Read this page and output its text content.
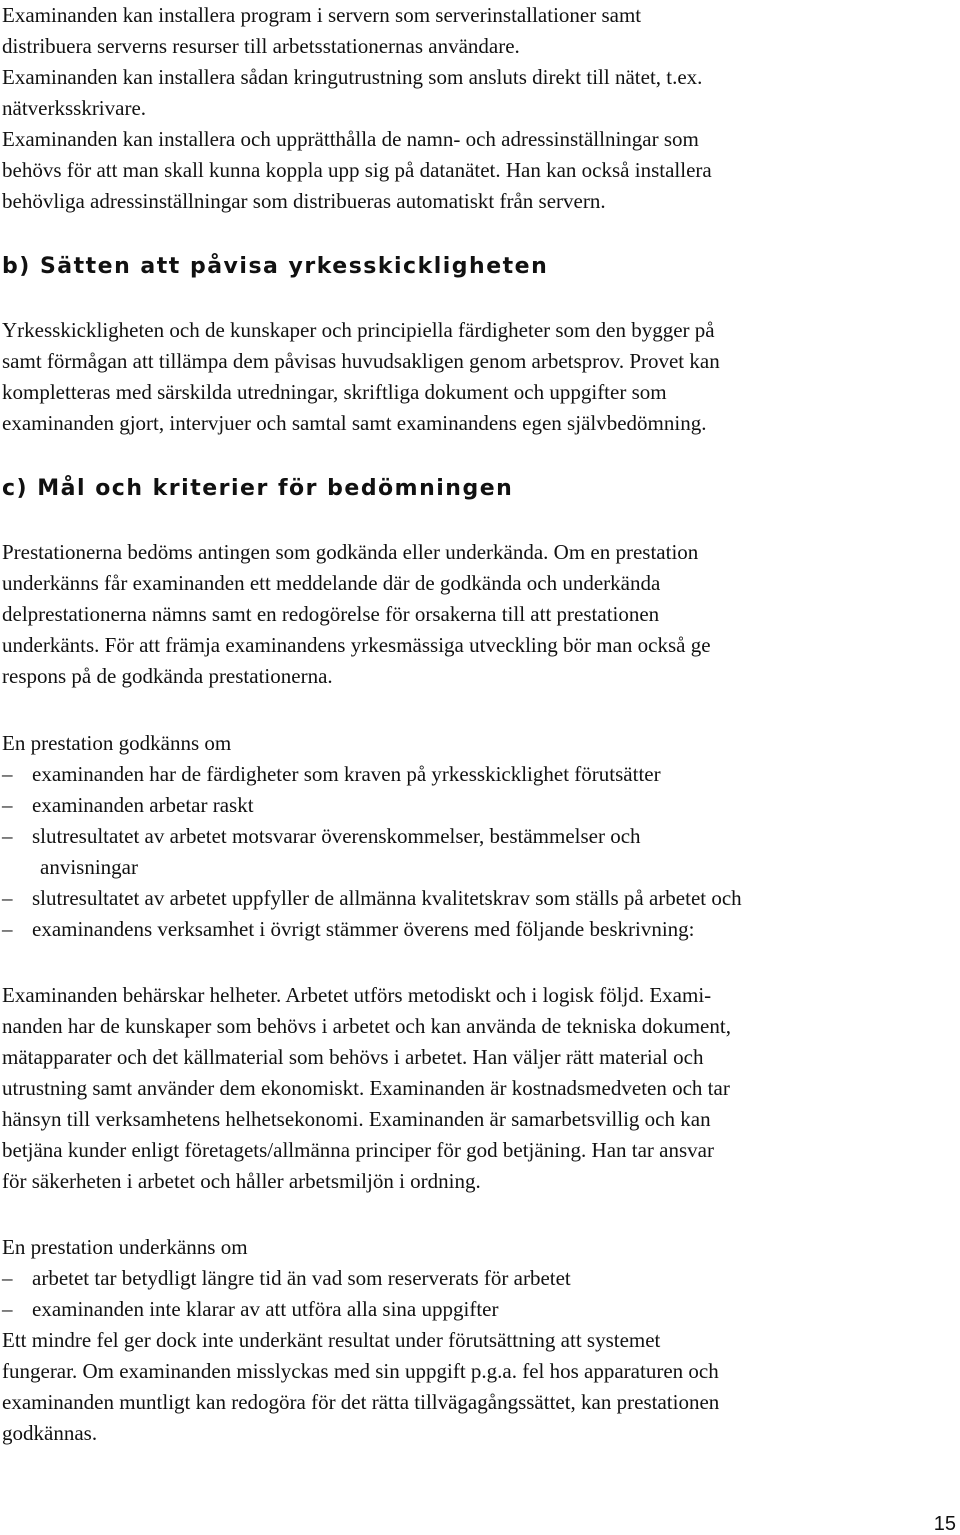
Examinanden kan installera program i servern som serverinstallationer samt
distribuera serverns resurser till arbetsstationernas användare.
Examinanden kan installera sådan kringutrustning som ansluts direkt till nätet, t.ex.
nätverksskrivare.
Examinanden kan installera och upprätthålla de namn- och adressinställningar som
behövs för att man skall kunna koppla upp sig på datanätet. Han kan också installera
behövliga adressinställningar som distribueras automatiskt från servern.
b) Sätten att påvisa yrkesskickligheten
Yrkesskickligheten och de kunskaper och principiella färdigheter som den bygger på
samt förmågan att tillämpa dem påvisas huvudsakligen genom arbetsprov. Provet kan
kompletteras med särskilda utredningar, skriftliga dokument och uppgifter som
examinanden gjort, intervjuer och samtal samt examinandens egen självbedömning.
c) Mål och kriterier för bedömningen
Prestationerna bedöms antingen som godkända eller underkända. Om en prestation
underkänns får examinanden ett meddelande där de godkända och underkända
delprestationerna nämns samt en redogörelse för orsakerna till att prestationen
underkänts. För att främja examinandens yrkesmässiga utveckling bör man också ge
respons på de godkända prestationerna.
En prestation godkänns om
– examinanden har de färdigheter som kraven på yrkesskicklighet förutsätter
– examinanden arbetar raskt
– slutresultatet av arbetet motsvarar överenskommelser, bestämmelser och
anvisningar
– slutresultatet av arbetet uppfyller de allmänna kvalitetskrav som ställs på arbetet och
– examinandens verksamhet i övrigt stämmer överens med följande beskrivning:
Examinanden behärskar helheter. Arbetet utförs metodiskt och i logisk följd. Exami-
nanden har de kunskaper som behövs i arbetet och kan använda de tekniska dokument,
mätapparater och det källmaterial som behövs i arbetet. Han väljer rätt material och
utrustning samt använder dem ekonomiskt. Examinanden är kostnadsmedveten och tar
hänsyn till verksamhetens helhetsekonomi. Examinanden är samarbetsvillig och kan
betjäna kunder enligt företagets/allmänna principer för god betjäning. Han tar ansvar
för säkerheten i arbetet och håller arbetsmiljön i ordning.
En prestation underkänns om
– arbetet tar betydligt längre tid än vad som reserverats för arbetet
– examinanden inte klarar av att utföra alla sina uppgifter
Ett mindre fel ger dock inte underkänt resultat under förutsättning att systemet
fungerar. Om examinanden misslyckas med sin uppgift p.g.a. fel hos apparaturen och
examinanden muntligt kan redogöra för det rätta tillvägagångssättet, kan prestationen
godkännas.
15
